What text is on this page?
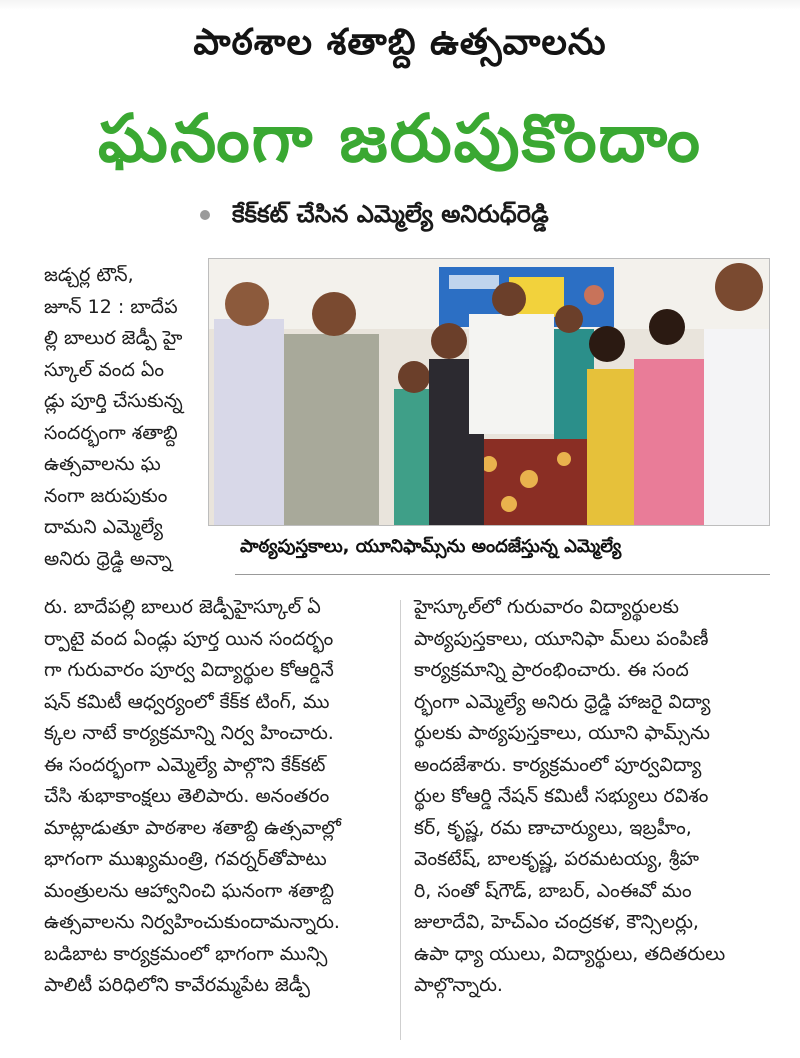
పాఠశాల శతాబ్ది ఉత్సవాలను
ఘనంగా జరుపుకొందాం
కేక్‌కట్ చేసిన ఎమ్మెల్యే అనిరుధ్‌రెడ్డి

జడ్చర్ల టౌన్,

జూన్ 12 : బాదేప

ల్లి బాలుర జెడ్పీ హై

స్కూల్ వంద ఏం

డ్లు పూర్తి చేసుకున్న

సందర్భంగా శతాబ్ది

ఉత్సవాలను ఘ

నంగా జరుపుకుం

దామని ఎమ్మెల్యే

అనిరు ధ్రెడ్డి అన్నా

పాఠ్యపుస్తకాలు, యూనిఫామ్స్‌ను అందజేస్తున్న ఎమ్మెల్యే

రు. బాదేపల్లి బాలుర జెడ్పీహైస్కూల్ ఏ

ర్పాటై వంద ఏండ్లు పూర్త యిన సందర్భం

గా గురువారం పూర్వ విద్యార్థుల కోఆర్డినే

షన్ కమిటీ ఆధ్వర్యంలో కేక్‌క టింగ్, ము

క్కల నాటే కార్యక్రమాన్ని నిర్వ హించారు.

ఈ సందర్భంగా ఎమ్మెల్యే పాల్గొని కేక్‌కట్

చేసి శుభాకాంక్షలు తెలిపారు. అనంతరం

మాట్లాడుతూ పాఠశాల శతాబ్ది ఉత్సవాల్లో

భాగంగా ముఖ్యమంత్రి, గవర్నర్‌తోపాటు

మంత్రులను ఆహ్వానించి ఘనంగా శతాబ్ది

ఉత్సవాలను నిర్వహించుకుందామన్నారు.

బడిబాట కార్యక్రమంలో భాగంగా మున్సి

పాలిటీ పరిధిలోని కావేరమ్మపేట జెడ్పీ

హైస్కూల్‌లో గురువారం విద్యార్థులకు

పాఠ్యపుస్తకాలు, యూనిఫా మ్‌లు పంపిణీ

కార్యక్రమాన్ని ప్రారంభించారు. ఈ సంద

ర్భంగా ఎమ్మెల్యే అనిరు ధ్రెడ్డి హాజరై విద్యా

ర్థులకు పాఠ్యపుస్తకాలు, యూని ఫామ్స్‌ను

అందజేశారు. కార్యక్రమంలో పూర్వవిద్యా

ర్థుల కోఆర్డి నేషన్ కమిటీ సభ్యులు రవిశం

కర్, కృష్ణ, రమ ణాచార్యులు, ఇబ్రహీం,

వెంకటేష్, బాలకృష్ణ, పరమటయ్య, శ్రీహ

రి, సంతో ష్‌గౌడ్, బాబర్, ఎంఈవో మం

జులాదేవి, హెచ్‌ఎం చంద్రకళ, కౌన్సిలర్లు,

ఉపా ధ్యా యులు, విద్యార్థులు, తదితరులు

పాల్గొన్నారు.
